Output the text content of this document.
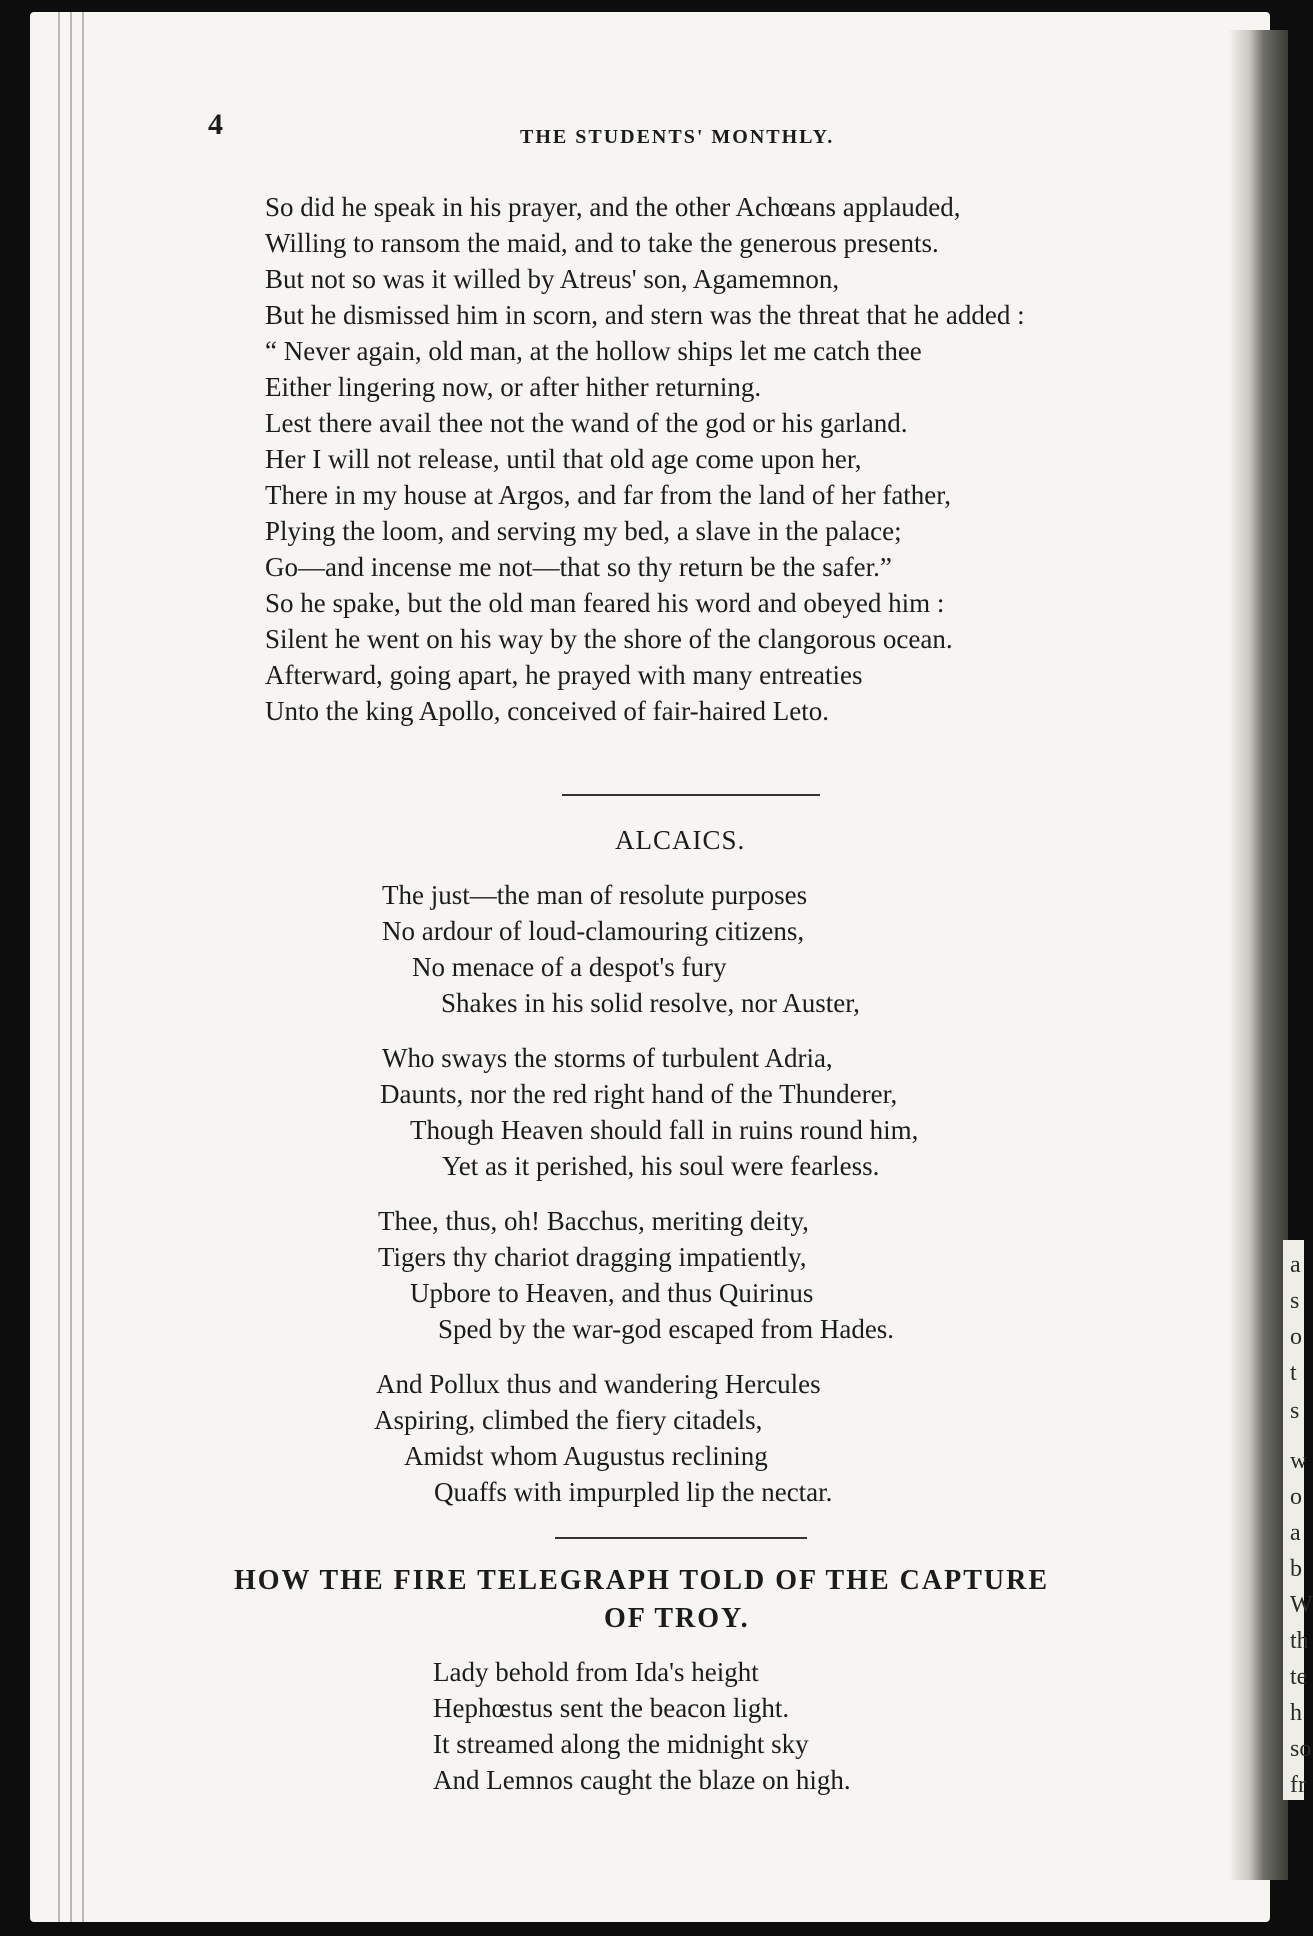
4	THE STUDENTS' MONTHLY.
So did he speak in his prayer, and the other Achœans applauded,
Willing to ransom the maid, and to take the generous presents.
But not so was it willed by Atreus' son, Agamemnon,
But he dismissed him in scorn, and stern was the threat that he added :
“ Never again, old man, at the hollow ships let me catch thee
Either lingering now, or after hither returning.
Lest there avail thee not the wand of the god or his garland.
Her I will not release, until that old age come upon her,
There in my house at Argos, and far from the land of her father,
Plying the loom, and serving my bed, a slave in the palace;
Go—and incense me not—that so thy return be the safer.”
So he spake, but the old man feared his word and obeyed him :
Silent he went on his way by the shore of the clangorous ocean.
Afterward, going apart, he prayed with many entreaties
Unto the king Apollo, conceived of fair-haired Leto.
ALCAICS.
The just—the man of resolute purposes
No ardour of loud-clamouring citizens,
No menace of a despot's fury
Shakes in his solid resolve, nor Auster,
Who sways the storms of turbulent Adria,
Daunts, nor the red right hand of the Thunderer,
Though Heaven should fall in ruins round him,
Yet as it perished, his soul were fearless.
Thee, thus, oh! Bacchus, meriting deity,
Tigers thy chariot dragging impatiently,
Upbore to Heaven, and thus Quirinus
Sped by the war-god escaped from Hades.
And Pollux thus and wandering Hercules
Aspiring, climbed the fiery citadels,
Amidst whom Augustus reclining
Quaffs with impurpled lip the nectar.
HOW THE FIRE TELEGRAPH TOLD OF THE CAPTURE
OF TROY.
Lady behold from Ida's height
Hephœstus sent the beacon light.
It streamed along the midnight sky
And Lemnos caught the blaze on high.
a
s
o
t
s
w
o
a
b
W
th
te
h
so
fr
